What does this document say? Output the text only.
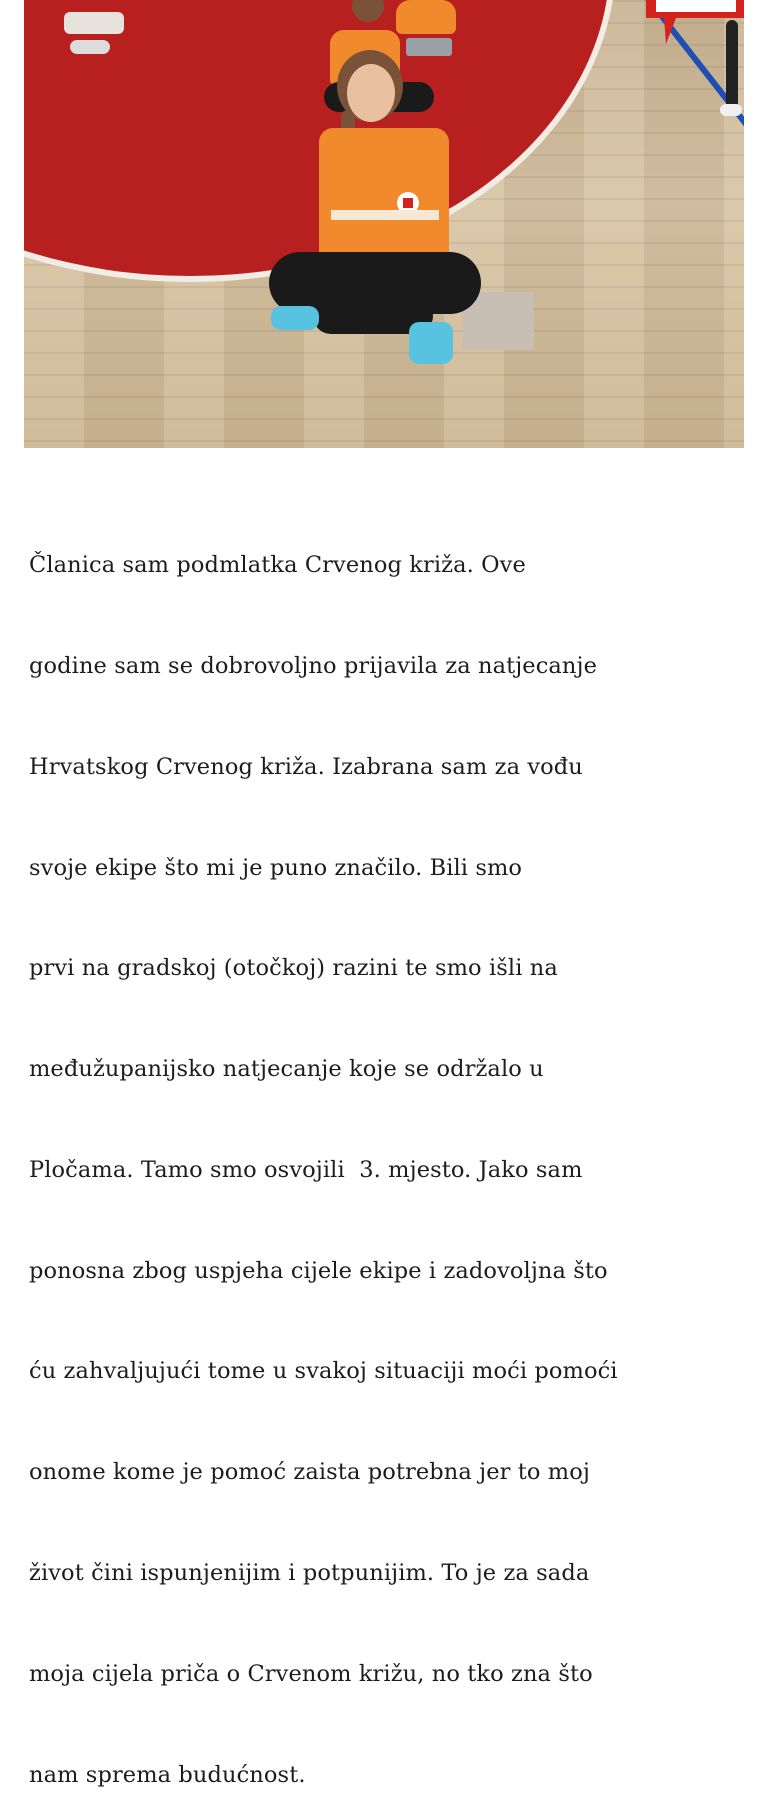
Članica sam podmlatka Crvenog križa. Ove

godine sam se dobrovoljno prijavila za natjecanje

Hrvatskog Crvenog križa. Izabrana sam za vođu

svoje ekipe što mi je puno značilo. Bili smo

prvi na gradskoj (otočkoj) razini te smo išli na

međužupanijsko natjecanje koje se održalo u

Pločama. Tamo smo osvojili  3. mjesto. Jako sam

ponosna zbog uspjeha cijele ekipe i zadovoljna što

ću zahvaljujući tome u svakoj situaciji moći pomoći

onome kome je pomoć zaista potrebna jer to moj

život čini ispunjenijim i potpunijim. To je za sada

moja cijela priča o Crvenom križu, no tko zna što

nam sprema budućnost.
